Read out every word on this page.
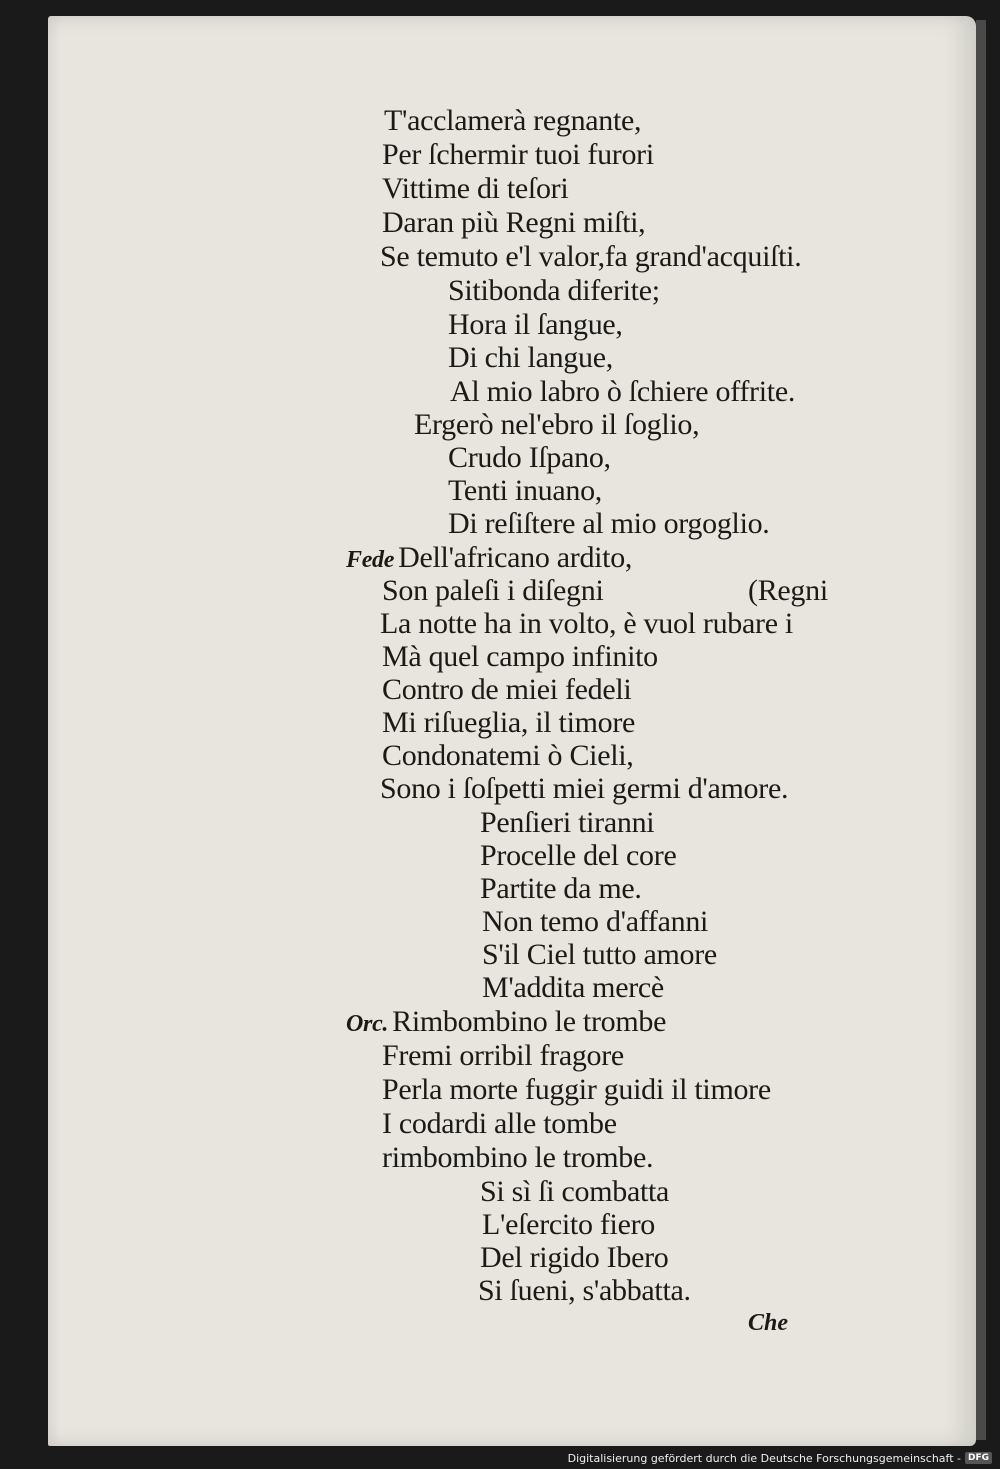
T'acclamerà regnante,
Per ſchermir tuoi furori
Vittime di teſori
Daran più Regni miſti,
Se temuto e'l valor,fa grand'acquiſti.
Sitibonda diferite;
Hora il ſangue,
Di chi langue,
Al mio labro ò ſchiere offrite.
Ergerò nel'ebro il ſoglio,
Crudo Iſpano,
Tenti inuano,
Di reſiſtere al mio orgoglio.
Fede Dell'africano ardito,
Son paleſi i diſegni	(Regni
La notte ha in volto, è vuol rubare i
Mà quel campo infinito
Contro de miei fedeli
Mi riſueglia, il timore
Condonatemi ò Cieli,
Sono i ſoſpetti miei germi d'amore.
Penſieri tiranni
Procelle del core
Partite da me.
Non temo d'affanni
S'il Ciel tutto amore
M'addita mercè
Orc. Rimbombino le trombe
Fremi orribil fragore
Perla morte fuggir guidi il timore
I codardi alle tombe
rimbombino le trombe.
Si sì ſi combatta
L'eſercito fiero
Del rigido Ibero
Si ſueni, s'abbatta.
Che
Digitalisierung gefördert durch die Deutsche Forschungsgemeinschaft - DFG
